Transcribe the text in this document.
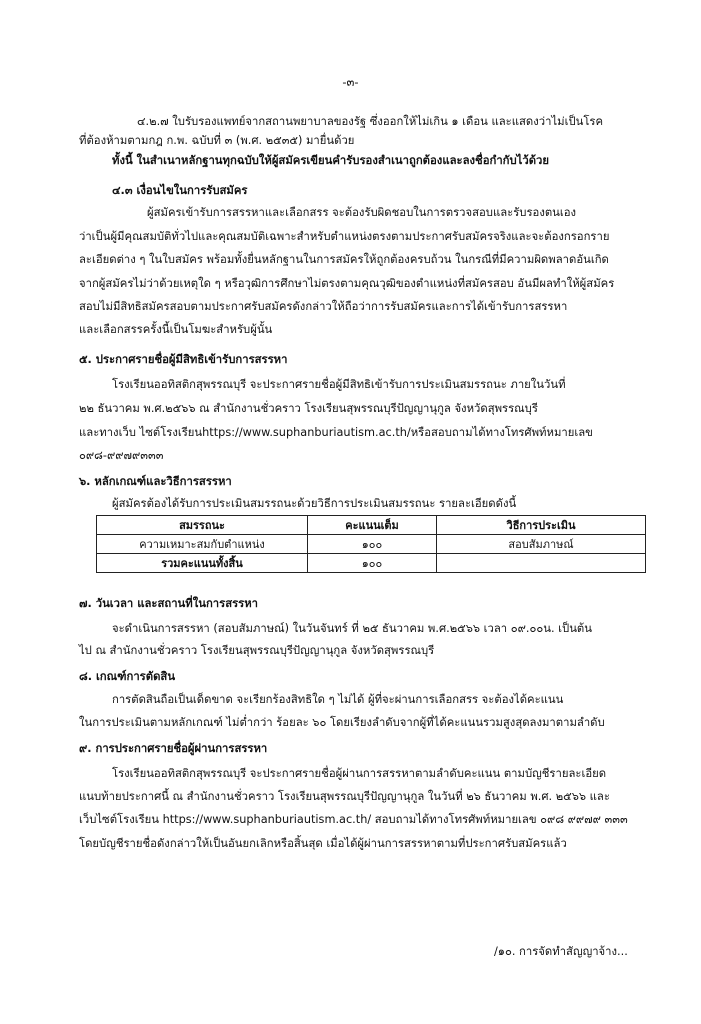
-๓-
๔.๒.๗ ใบรับรองแพทย์จากสถานพยาบาลของรัฐ ซึ่งออกให้ไม่เกิน ๑ เดือน และแสดงว่าไม่เป็นโรค
ที่ต้องห้ามตามกฎ ก.พ. ฉบับที่ ๓ (พ.ศ. ๒๕๓๕) มายื่นด้วย
ทั้งนี้ ในสำเนาหลักฐานทุกฉบับให้ผู้สมัครเขียนคำรับรองสำเนาถูกต้องและลงชื่อกำกับไว้ด้วย
๔.๓ เงื่อนไขในการรับสมัคร
ผู้สมัครเข้ารับการสรรหาและเลือกสรร จะต้องรับผิดชอบในการตรวจสอบและรับรองตนเอง
ว่าเป็นผู้มีคุณสมบัติทั่วไปและคุณสมบัติเฉพาะสำหรับตำแหน่งตรงตามประกาศรับสมัครจริงและจะต้องกรอกราย
ละเอียดต่าง ๆ ในใบสมัคร พร้อมทั้งยื่นหลักฐานในการสมัครให้ถูกต้องครบถ้วน ในกรณีที่มีความผิดพลาดอันเกิด
จากผู้สมัครไม่ว่าด้วยเหตุใด ๆ หรือวุฒิการศึกษาไม่ตรงตามคุณวุฒิของตำแหน่งที่สมัครสอบ อันมีผลทำให้ผู้สมัคร
สอบไม่มีสิทธิสมัครสอบตามประกาศรับสมัครดังกล่าวให้ถือว่าการรับสมัครและการได้เข้ารับการสรรหา
และเลือกสรรครั้งนี้เป็นโมฆะสำหรับผู้นั้น
๕. ประกาศรายชื่อผู้มีสิทธิเข้ารับการสรรหา
โรงเรียนออทิสติกสุพรรณบุรี จะประกาศรายชื่อผู้มีสิทธิเข้ารับการประเมินสมรรถนะ ภายในวันที่
๒๒ ธันวาคม พ.ศ.๒๕๖๖ ณ สำนักงานชั่วคราว โรงเรียนสุพรรณบุรีปัญญานุกูล จังหวัดสุพรรณบุรี
และทางเว็บ ไซต์โรงเรียนhttps://www.suphanburiautism.ac.th/หรือสอบถามได้ทางโทรศัพท์หมายเลข
๐๙๘-๙๙๗๙๓๓๓
๖. หลักเกณฑ์และวิธีการสรรหา
ผู้สมัครต้องได้รับการประเมินสมรรถนะด้วยวิธีการประเมินสมรรถนะ รายละเอียดดังนี้
สมรรถนะ	คะแนนเต็ม	วิธีการประเมิน
ความเหมาะสมกับตำแหน่ง	๑๐๐	สอบสัมภาษณ์
รวมคะแนนทั้งสิ้น	๑๐๐	
๗. วันเวลา และสถานที่ในการสรรหา
จะดำเนินการสรรหา (สอบสัมภาษณ์) ในวันจันทร์ ที่ ๒๕ ธันวาคม พ.ศ.๒๕๖๖ เวลา ๐๙.๐๐น. เป็นต้น
ไป ณ สำนักงานชั่วคราว โรงเรียนสุพรรณบุรีปัญญานุกูล จังหวัดสุพรรณบุรี
๘. เกณฑ์การตัดสิน
การตัดสินถือเป็นเด็ดขาด จะเรียกร้องสิทธิใด ๆ ไม่ได้ ผู้ที่จะผ่านการเลือกสรร จะต้องได้คะแนน
ในการประเมินตามหลักเกณฑ์ ไม่ต่ำกว่า ร้อยละ ๖๐ โดยเรียงลำดับจากผู้ที่ได้คะแนนรวมสูงสุดลงมาตามลำดับ
๙. การประกาศรายชื่อผู้ผ่านการสรรหา
โรงเรียนออทิสติกสุพรรณบุรี จะประกาศรายชื่อผู้ผ่านการสรรหาตามลำดับคะแนน ตามบัญชีรายละเอียด
แนบท้ายประกาศนี้ ณ สำนักงานชั่วคราว โรงเรียนสุพรรณบุรีปัญญานุกูล ในวันที่ ๒๖ ธันวาคม พ.ศ. ๒๕๖๖ และ
เว็บไซต์โรงเรียน https://www.suphanburiautism.ac.th/ สอบถามได้ทางโทรศัพท์หมายเลข ๐๙๘ ๙๙๗๙ ๓๓๓
โดยบัญชีรายชื่อดังกล่าวให้เป็นอันยกเลิกหรือสิ้นสุด เมื่อได้ผู้ผ่านการสรรหาตามที่ประกาศรับสมัครแล้ว
/๑๐. การจัดทำสัญญาจ้าง...
